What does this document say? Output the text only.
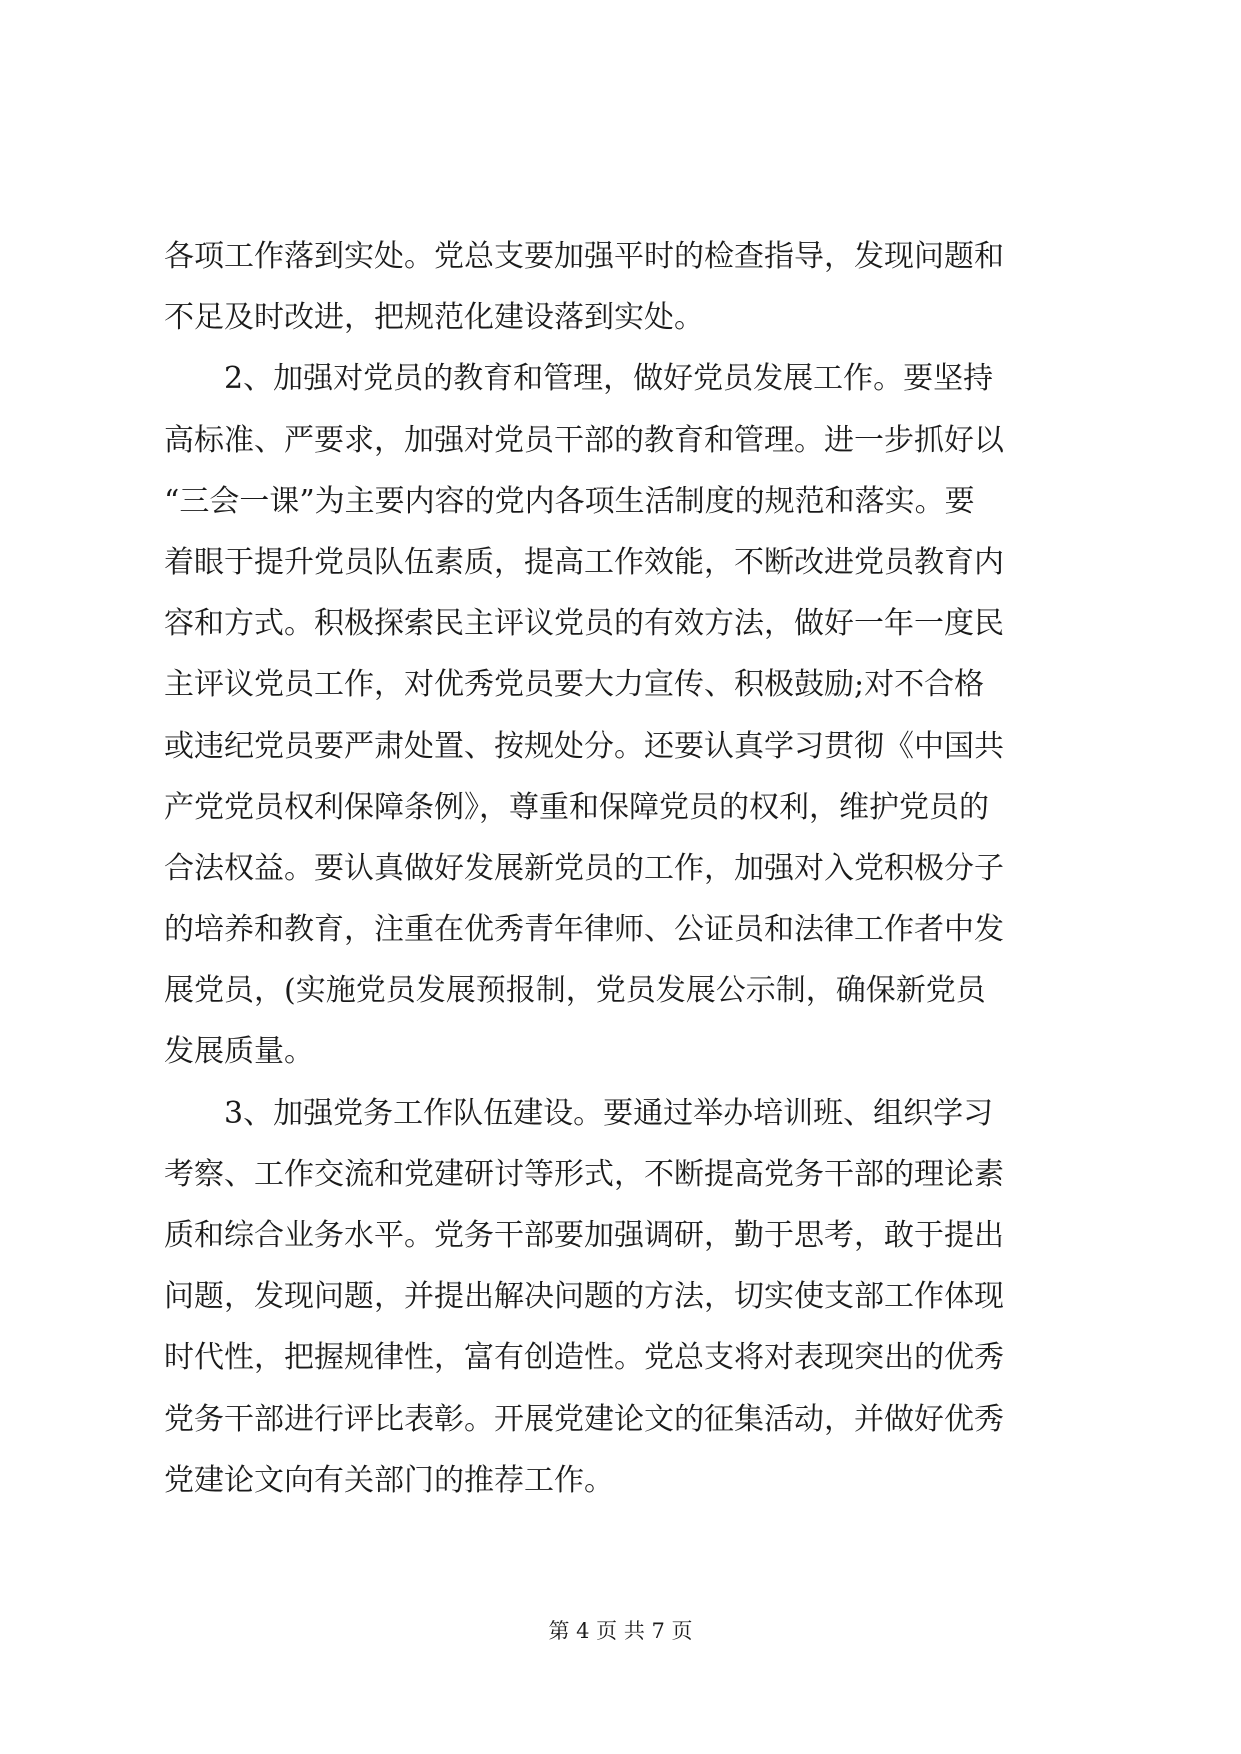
各项工作落到实处。党总支要加强平时的检查指导，发现问题和
不足及时改进，把规范化建设落到实处。
　　2、加强对党员的教育和管理，做好党员发展工作。要坚持
高标准、严要求，加强对党员干部的教育和管理。进一步抓好以
“三会一课”为主要内容的党内各项生活制度的规范和落实。要
着眼于提升党员队伍素质，提高工作效能，不断改进党员教育内
容和方式。积极探索民主评议党员的有效方法，做好一年一度民
主评议党员工作，对优秀党员要大力宣传、积极鼓励;对不合格
或违纪党员要严肃处置、按规处分。还要认真学习贯彻《中国共
产党党员权利保障条例》，尊重和保障党员的权利，维护党员的
合法权益。要认真做好发展新党员的工作，加强对入党积极分子
的培养和教育，注重在优秀青年律师、公证员和法律工作者中发
展党员，(实施党员发展预报制，党员发展公示制，确保新党员
发展质量。
　　3、加强党务工作队伍建设。要通过举办培训班、组织学习
考察、工作交流和党建研讨等形式，不断提高党务干部的理论素
质和综合业务水平。党务干部要加强调研，勤于思考，敢于提出
问题，发现问题，并提出解决问题的方法，切实使支部工作体现
时代性，把握规律性，富有创造性。党总支将对表现突出的优秀
党务干部进行评比表彰。开展党建论文的征集活动，并做好优秀
党建论文向有关部门的推荐工作。
第 4 页 共 7 页
